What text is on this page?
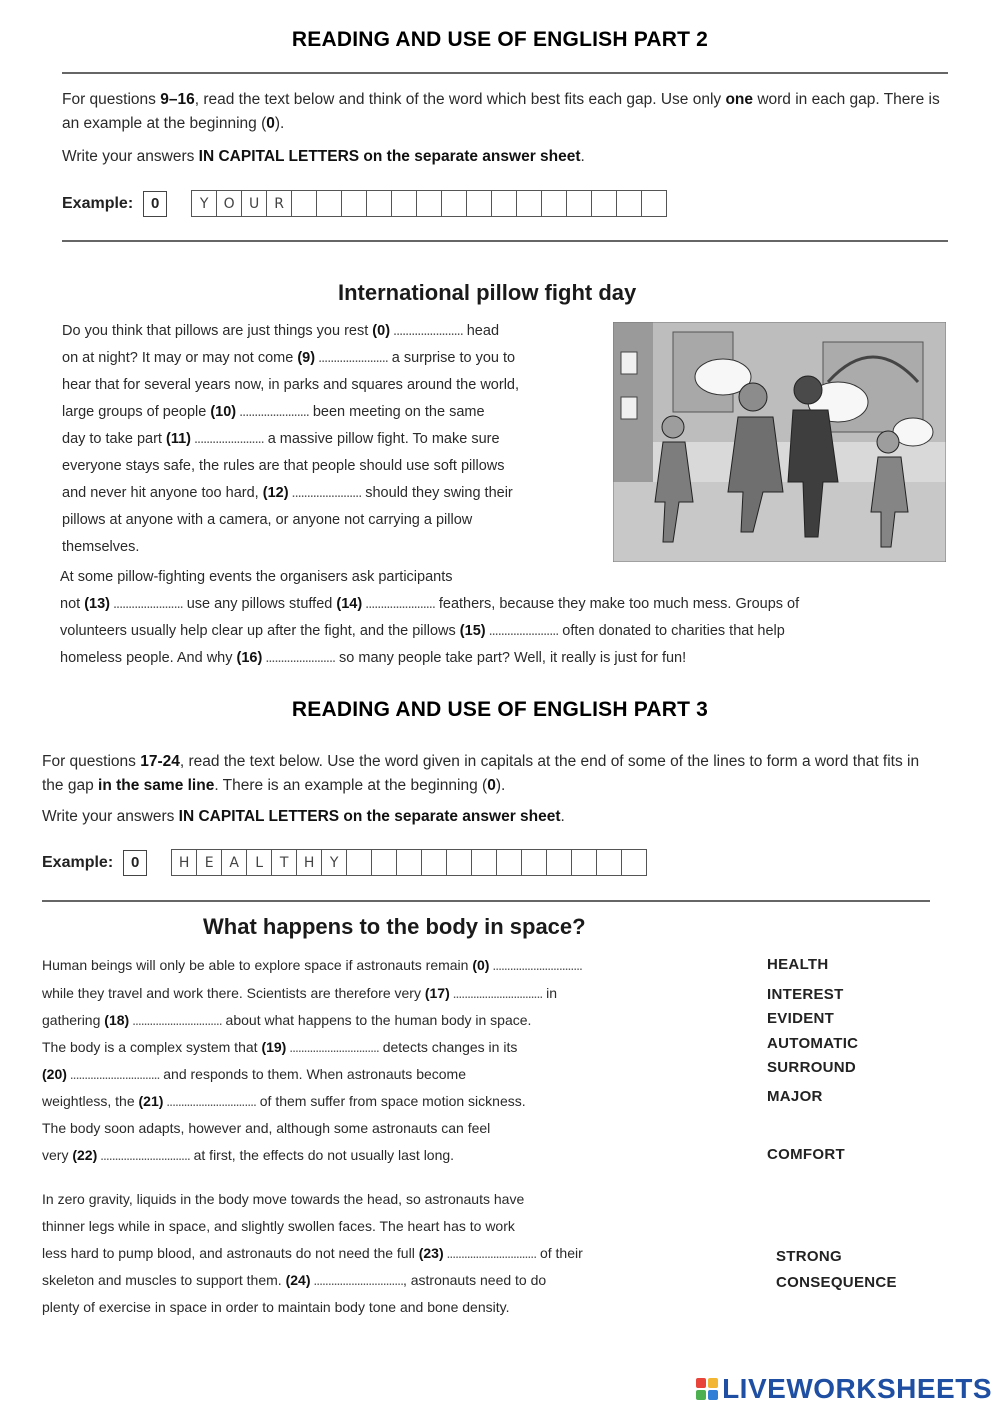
READING AND USE OF ENGLISH PART 2

For questions 9–16, read the text below and think of the word which best fits each gap. Use only one word in each gap. There is an example at the beginning (0).

Write your answers IN CAPITAL LETTERS on the separate answer sheet.

Example:	0	Y	O	U	R
International pillow fight day
Do you think that pillows are just things you rest (0) ....................... head
on at night? It may or may not come (9) ....................... a surprise to you to
hear that for several years now, in parks and squares around the world,
large groups of people (10) ....................... been meeting on the same
day to take part (11) ....................... a massive pillow fight. To make sure
everyone stays safe, the rules are that people should use soft pillows
and never hit anyone too hard, (12) ....................... should they swing their
pillows at anyone with a camera, or anyone not carrying a pillow
themselves.
At some pillow-fighting events the organisers ask participants
not (13) ....................... use any pillows stuffed (14) ....................... feathers, because they make too much mess. Groups of
volunteers usually help clear up after the fight, and the pillows (15) ....................... often donated to charities that help
homeless people. And why (16) ....................... so many people take part? Well, it really is just for fun!
READING AND USE OF ENGLISH PART 3

For questions 17-24, read the text below. Use the word given in capitals at the end of some of the lines to form a word that fits in the gap in the same line. There is an example at the beginning (0).

Write your answers IN CAPITAL LETTERS on the separate answer sheet.

Example:	0	H	E	A	L	T	H	Y
What happens to the body in space?
Human beings will only be able to explore space if astronauts remain (0) ...............................
while they travel and work there. Scientists are therefore very (17) ............................... in
gathering (18) ............................... about what happens to the human body in space.
The body is a complex system that (19) ............................... detects changes in its
(20) ............................... and responds to them. When astronauts become
weightless, the (21) ............................... of them suffer from space motion sickness.
The body soon adapts, however and, although some astronauts can feel
very (22) ............................... at first, the effects do not usually last long.
In zero gravity, liquids in the body move towards the head, so astronauts have
thinner legs while in space, and slightly swollen faces. The heart has to work
less hard to pump blood, and astronauts do not need the full (23) ............................... of their
skeleton and muscles to support them. (24) ..............................., astronauts need to do
plenty of exercise in space in order to maintain body tone and bone density.
HEALTH
INTEREST
EVIDENT
AUTOMATIC
SURROUND
MAJOR
COMFORT
STRONG
CONSEQUENCE
LIVEWORKSHEETS
